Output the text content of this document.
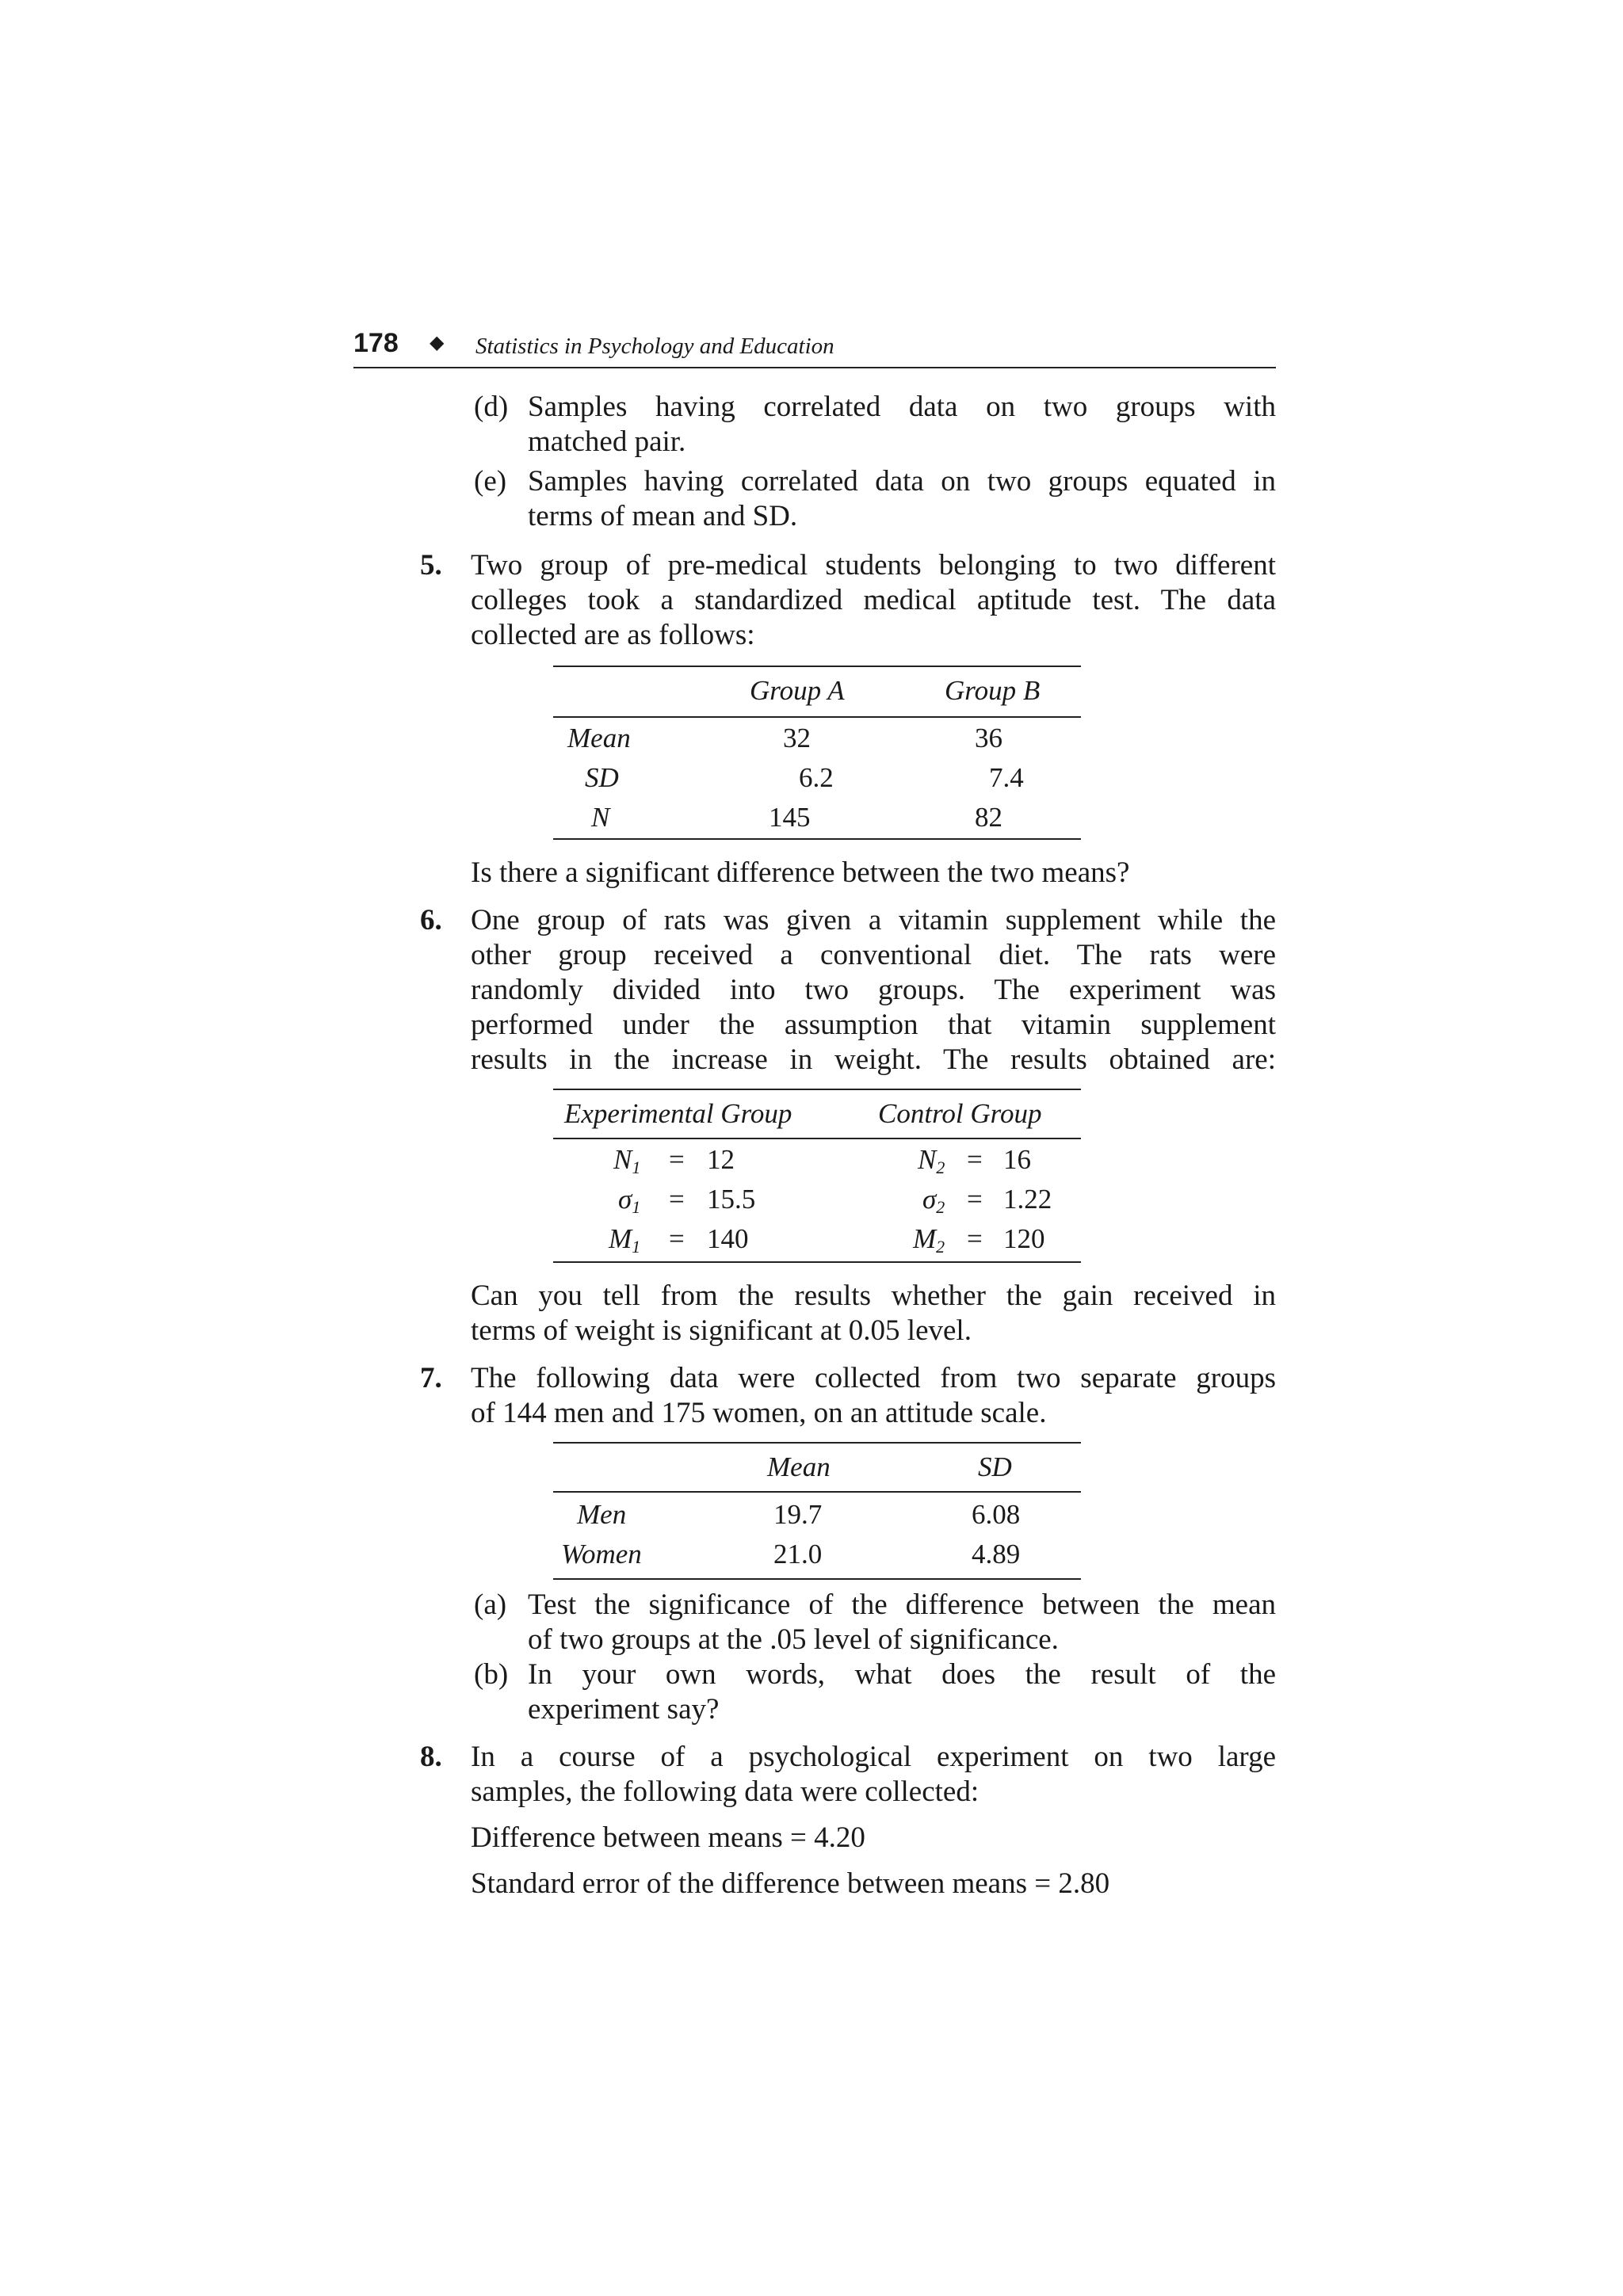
178 ◆ Statistics in Psychology and Education
(d) Samples having correlated data on two groups with
matched pair.
(e) Samples having correlated data on two groups equated in
terms of mean and SD.
5. Two group of pre-medical students belonging to two different
colleges took a standardized medical aptitude test. The data
collected are as follows:
Group A	Group B
Mean	32	36
SD	6.2	7.4
N	145	82
Is there a significant difference between the two means?
6. One group of rats was given a vitamin supplement while the
other group received a conventional diet. The rats were
randomly divided into two groups. The experiment was
performed under the assumption that vitamin supplement
results in the increase in weight. The results obtained are:
Experimental Group	Control Group
$N_1 = 12$	$N_2 = 16$
$\sigma_1 = 15.5$	$\sigma_2 = 1.22$
$M_1 = 140$	$M_2 = 120$
Can you tell from the results whether the gain received in
terms of weight is significant at 0.05 level.
7. The following data were collected from two separate groups
of 144 men and 175 women, on an attitude scale.
Mean	SD
Men	19.7	6.08
Women	21.0	4.89
(a) Test the significance of the difference between the mean
of two groups at the .05 level of significance.
(b) In your own words, what does the result of the
experiment say?
8. In a course of a psychological experiment on two large
samples, the following data were collected:
Difference between means = 4.20
Standard error of the difference between means = 2.80
